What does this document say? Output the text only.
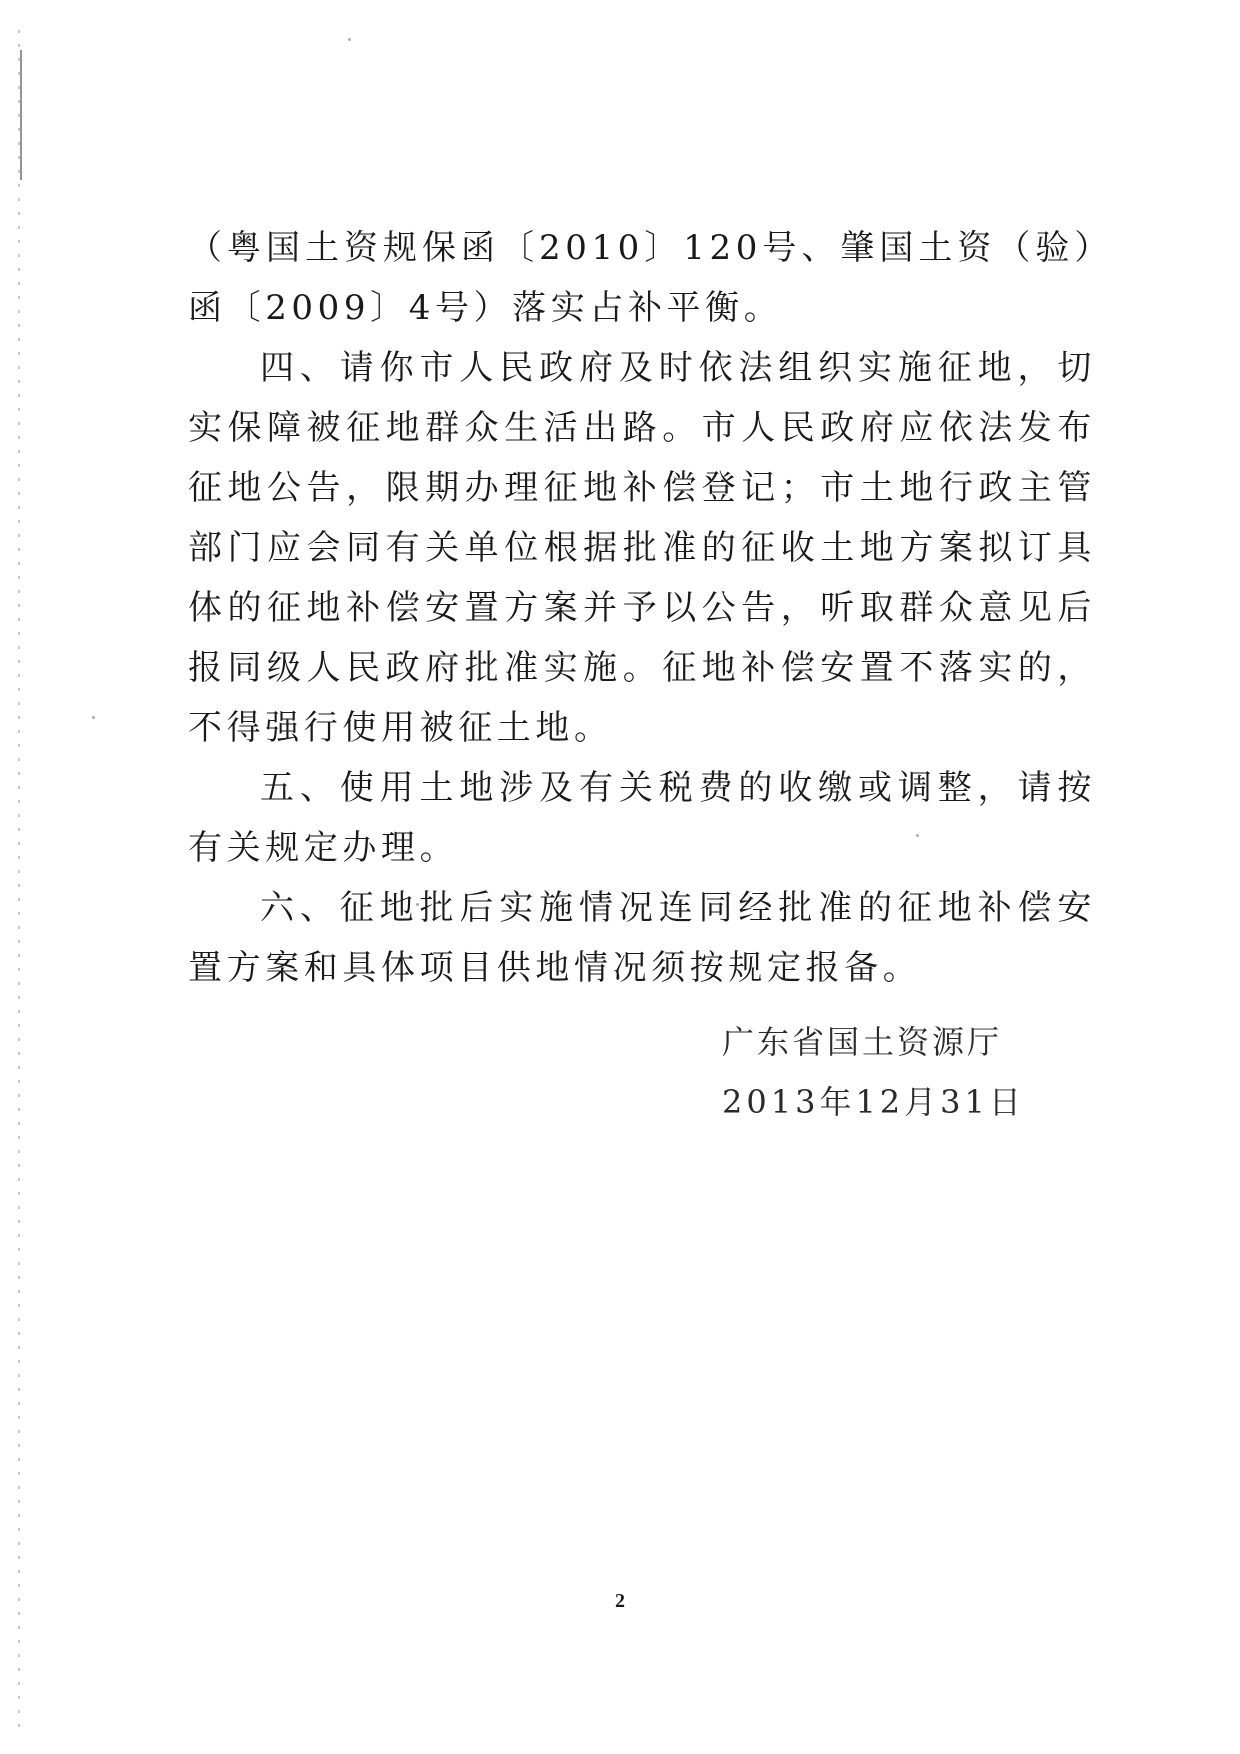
（粤国土资规保函〔2010〕120号、肇国土资（验）函〔2009〕4号）落实占补平衡。

四、请你市人民政府及时依法组织实施征地，切实保障被征地群众生活出路。市人民政府应依法发布征地公告，限期办理征地补偿登记；市土地行政主管部门应会同有关单位根据批准的征收土地方案拟订具体的征地补偿安置方案并予以公告，听取群众意见后报同级人民政府批准实施。征地补偿安置不落实的，不得强行使用被征土地。

五、使用土地涉及有关税费的收缴或调整，请按有关规定办理。

六、征地批后实施情况连同经批准的征地补偿安置方案和具体项目供地情况须按规定报备。

广东省国土资源厅
2013年12月31日
2
